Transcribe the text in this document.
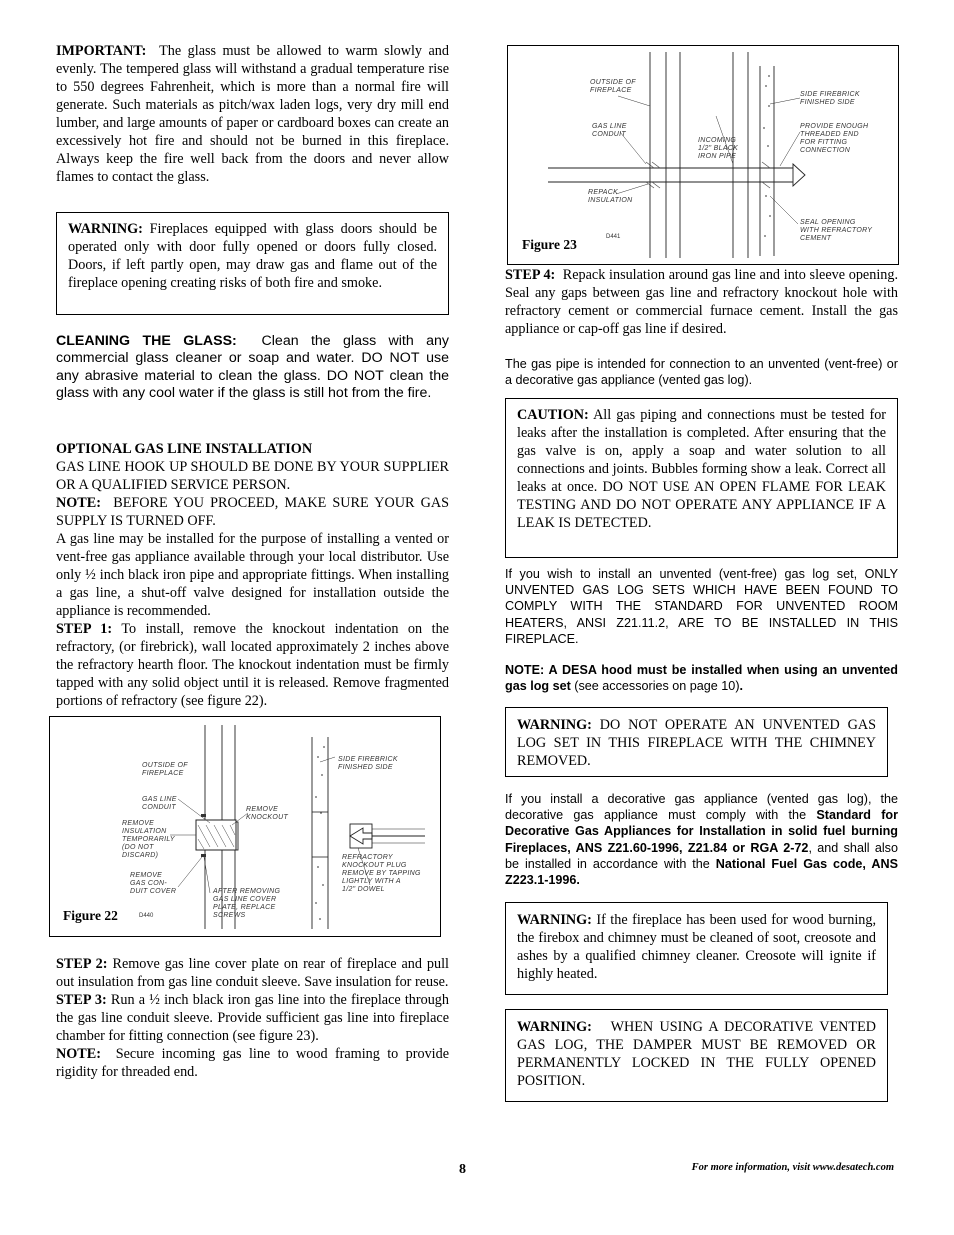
IMPORTANT: The glass must be allowed to warm slowly and evenly. The tempered glass will withstand a gradual temperature rise to 550 degrees Fahrenheit, which is more than a normal fire will generate. Such materials as pitch/wax laden logs, very dry mill end lumber, and large amounts of paper or cardboard boxes can create an excessively hot fire and should not be burned in this fireplace. Always keep the fire well back from the doors and never allow flames to contact the glass.

WARNING: Fireplaces equipped with glass doors should be operated only with door fully opened or doors fully closed. Doors, if left partly open, may draw gas and flame out of the fireplace opening creating risks of both fire and smoke.

CLEANING THE GLASS: Clean the glass with any commercial glass cleaner or soap and water. DO NOT use any abrasive material to clean the glass. DO NOT clean the glass with any cool water if the glass is still hot from the fire.

OPTIONAL GAS LINE INSTALLATION
GAS LINE HOOK UP SHOULD BE DONE BY YOUR SUPPLIER OR A QUALIFIED SERVICE PERSON.
NOTE: BEFORE YOU PROCEED, MAKE SURE YOUR GAS SUPPLY IS TURNED OFF.
A gas line may be installed for the purpose of installing a vented or vent-free gas appliance available through your local distributor. Use only ½ inch black iron pipe and appropriate fittings. When installing a gas line, a shut-off valve designed for installation outside the appliance is recommended.
STEP 1: To install, remove the knockout indentation on the refractory, (or firebrick), wall located approximately 2 inches above the refractory hearth floor. The knockout indentation must be firmly tapped with any solid object until it is released. Remove fragmented portions of refractory (see figure 22).
OUTSIDE OF FIREPLACE
GAS LINE CONDUIT
REMOVE INSULATION TEMPORARILY (DO NOT DISCARD)
REMOVE GAS CON- DUIT COVER
REMOVE KNOCKOUT
AFTER REMOVING GAS LINE COVER PLATE, REPLACE SCREWS
SIDE FIREBRICK FINISHED SIDE
REFRACTORY KNOCKOUT PLUG REMOVE BY TAPPING LIGHTLY WITH A 1/2" DOWEL
Figure 22	D440
STEP 2: Remove gas line cover plate on rear of fireplace and pull out insulation from gas line conduit sleeve. Save insulation for reuse.
STEP 3: Run a ½ inch black iron gas line into the fireplace through the gas line conduit sleeve. Provide sufficient gas line into fireplace chamber for fitting connection (see figure 23).
NOTE: Secure incoming gas line to wood framing to provide rigidity for threaded end.
OUTSIDE OF FIREPLACE
GAS LINE CONDUIT
INCOMING 1/2" BLACK IRON PIPE
SIDE FIREBRICK FINISHED SIDE
PROVIDE ENOUGH THREADED END FOR FITTING CONNECTION
REPACK INSULATION
SEAL OPENING WITH REFRACTORY CEMENT
Figure 23	D441

STEP 4: Repack insulation around gas line and into sleeve opening. Seal any gaps between gas line and refractory knockout hole with refractory cement or commercial furnace cement. Install the gas appliance or cap-off gas line if desired.

The gas pipe is intended for connection to an unvented (vent-free) or a decorative gas appliance (vented gas log).

CAUTION: All gas piping and connections must be tested for leaks after the installation is completed. After ensuring that the gas valve is on, apply a soap and water solution to all connections and joints. Bubbles forming show a leak. Correct all leaks at once. DO NOT USE AN OPEN FLAME FOR LEAK TESTING AND DO NOT OPERATE ANY APPLIANCE IF A LEAK IS DETECTED.

If you wish to install an unvented (vent-free) gas log set, ONLY UNVENTED GAS LOG SETS WHICH HAVE BEEN FOUND TO COMPLY WITH THE STANDARD FOR UNVENTED ROOM HEATERS, ANSI Z21.11.2, ARE TO BE INSTALLED IN THIS FIREPLACE.

NOTE: A DESA hood must be installed when using an unvented gas log set (see accessories on page 10).

WARNING: DO NOT OPERATE AN UNVENTED GAS LOG SET IN THIS FIREPLACE WITH THE CHIMNEY REMOVED.

If you install a decorative gas appliance (vented gas log), the decorative gas appliance must comply with the Standard for Decorative Gas Appliances for Installation in solid fuel burning Fireplaces, ANS Z21.60-1996, Z21.84 or RGA 2-72, and shall also be installed in accordance with the National Fuel Gas code, ANS Z223.1-1996.

WARNING: If the fireplace has been used for wood burning, the firebox and chimney must be cleaned of soot, creosote and ashes by a qualified chimney cleaner. Creosote will ignite if highly heated.
WARNING: WHEN USING A DECORATIVE VENTED GAS LOG, THE DAMPER MUST BE REMOVED OR PERMANENTLY LOCKED IN THE FULLY OPENED POSITION.
8	For more information, visit www.desatech.com
